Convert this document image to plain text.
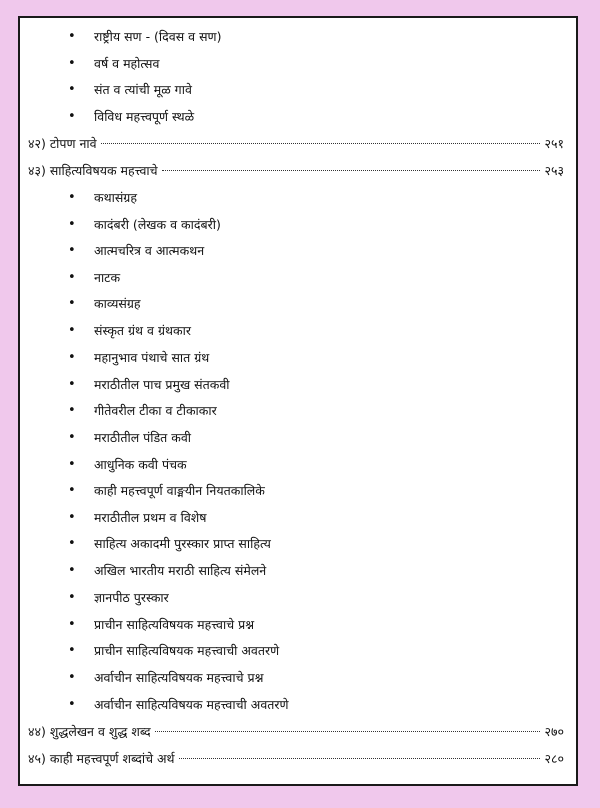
• राष्ट्रीय सण - (दिवस व सण)
• वर्ष व महोत्सव
• संत व त्यांची मूळ गावे
• विविध महत्त्वपूर्ण स्थळे
४२) टोपण नावे	२५१
४३) साहित्यविषयक महत्त्वाचे	२५३
• कथासंग्रह
• कादंबरी (लेखक व कादंबरी)
• आत्मचरित्र व आत्मकथन
• नाटक
• काव्यसंग्रह
• संस्कृत ग्रंथ व ग्रंथकार
• महानुभाव पंथाचे सात ग्रंथ
• मराठीतील पाच प्रमुख संतकवी
• गीतेवरील टीका व टीकाकार
• मराठीतील पंडित कवी
• आधुनिक कवी पंचक
• काही महत्त्वपूर्ण वाङ्मयीन नियतकालिके
• मराठीतील प्रथम व विशेष
• साहित्य अकादमी पुरस्कार प्राप्त साहित्य
• अखिल भारतीय मराठी साहित्य संमेलने
• ज्ञानपीठ पुरस्कार
• प्राचीन साहित्यविषयक महत्त्वाचे प्रश्न
• प्राचीन साहित्यविषयक महत्त्वाची अवतरणे
• अर्वाचीन साहित्यविषयक महत्त्वाचे प्रश्न
• अर्वाचीन साहित्यविषयक महत्त्वाची अवतरणे
४४) शुद्धलेखन व शुद्ध शब्द	२७०
४५) काही महत्त्वपूर्ण शब्दांचे अर्थ	२८०
